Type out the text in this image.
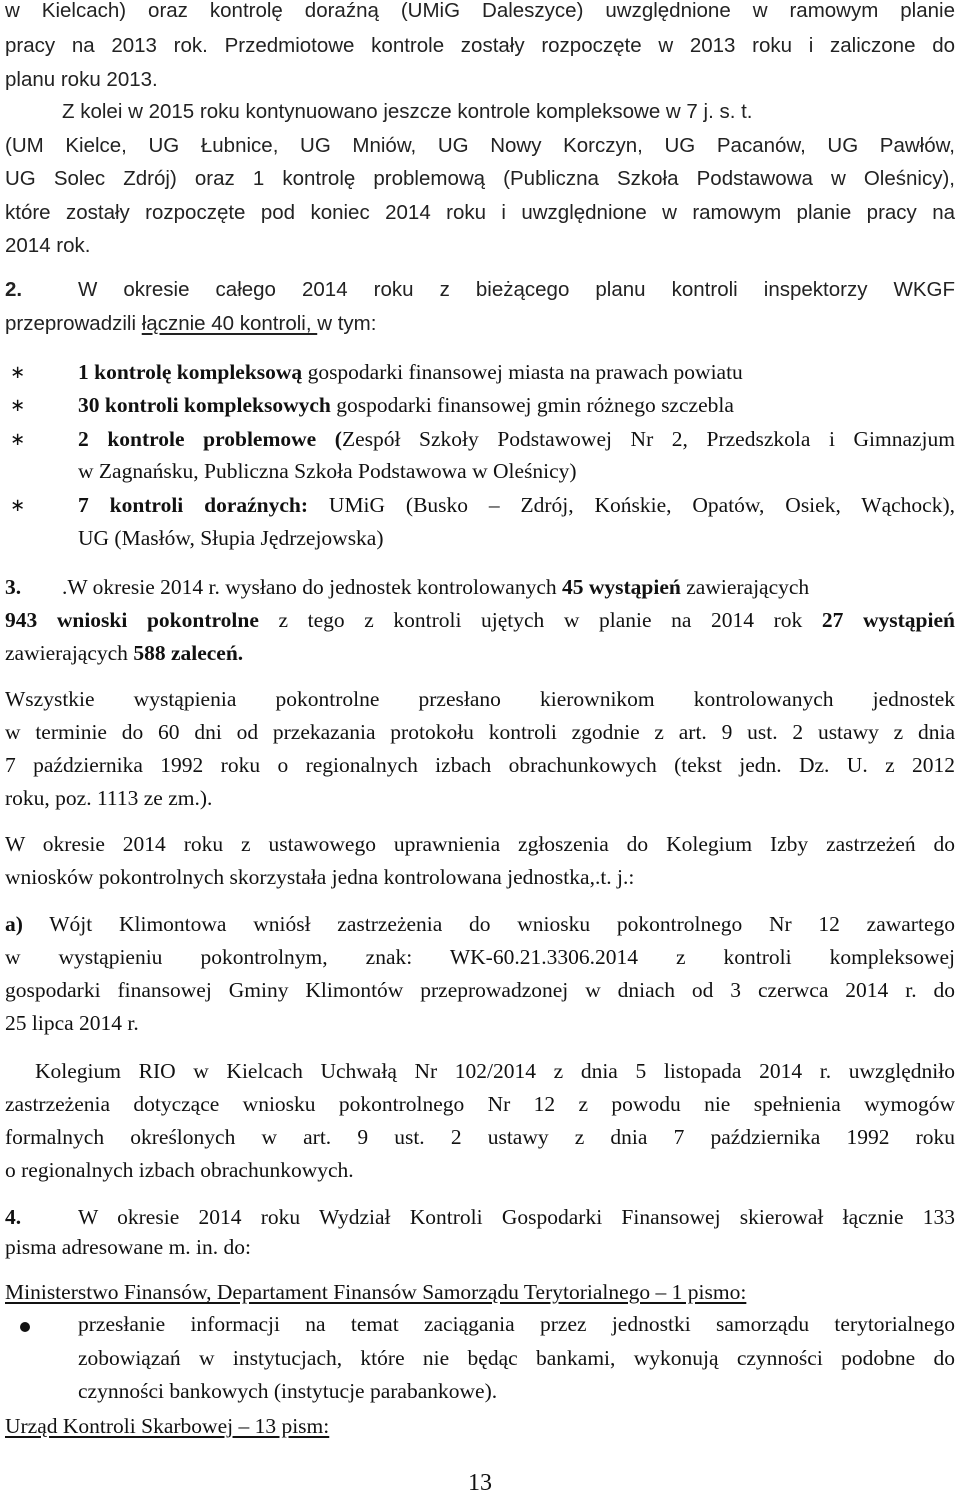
w Kielcach) oraz kontrolę doraźną (UMiG Daleszyce) uwzględnione w ramowym planie

pracy na 2013 rok. Przedmiotowe kontrole zostały rozpoczęte w 2013 roku i zaliczone do

planu roku 2013.

Z kolei w 2015 roku kontynuowano jeszcze kontrole kompleksowe w 7 j. s. t.

(UM Kielce, UG Łubnice, UG Mniów, UG Nowy Korczyn, UG Pacanów, UG Pawłów,

UG Solec Zdrój) oraz 1 kontrolę problemową (Publiczna Szkoła Podstawowa w Oleśnicy),

które zostały rozpoczęte pod koniec 2014 roku i uwzględnione w ramowym planie pracy na

2014 rok.

2.	W okresie całego 2014 roku z bieżącego planu kontroli inspektorzy WKGF

przeprowadzili łącznie 40 kontroli, w tym:

∗ 1 kontrolę kompleksową gospodarki finansowej miasta na prawach powiatu

∗ 30 kontroli kompleksowych gospodarki finansowej gmin różnego szczebla

∗ 2 kontrole problemowe (Zespół Szkoły Podstawowej Nr 2, Przedszkola i Gimnazjum

w Zagnańsku, Publiczna Szkoła Podstawowa w Oleśnicy)

∗ 7 kontroli doraźnych: UMiG (Busko – Zdrój, Końskie, Opatów, Osiek, Wąchock),

UG (Masłów, Słupia Jędrzejowska)

3.	.W okresie 2014 r. wysłano do jednostek kontrolowanych 45 wystąpień zawierających

943 wnioski pokontrolne z tego z kontroli ujętych w planie na 2014 rok 27 wystąpień

zawierających 588 zaleceń.

Wszystkie wystąpienia pokontrolne przesłano kierownikom kontrolowanych jednostek

w terminie do 60 dni od przekazania protokołu kontroli zgodnie z art. 9 ust. 2 ustawy z dnia

7 października 1992 roku o regionalnych izbach obrachunkowych (tekst jedn. Dz. U. z 2012

roku, poz. 1113 ze zm.).

W okresie 2014 roku z ustawowego uprawnienia zgłoszenia do Kolegium Izby zastrzeżeń do

wniosków pokontrolnych skorzystała jedna kontrolowana jednostka,.t. j.:

a) Wójt Klimontowa wniósł zastrzeżenia do wniosku pokontrolnego Nr 12 zawartego

w wystąpieniu pokontrolnym, znak: WK-60.21.3306.2014 z kontroli kompleksowej

gospodarki finansowej Gminy Klimontów przeprowadzonej w dniach od 3 czerwca 2014 r. do

25 lipca 2014 r.

Kolegium RIO w Kielcach Uchwałą Nr 102/2014 z dnia 5 listopada 2014 r. uwzględniło

zastrzeżenia dotyczące wniosku pokontrolnego Nr 12 z powodu nie spełnienia wymogów

formalnych określonych w art. 9 ust. 2 ustawy z dnia 7 października 1992 roku

o regionalnych izbach obrachunkowych.

4.	W okresie 2014 roku Wydział Kontroli Gospodarki Finansowej skierował łącznie 133

pisma adresowane m. in. do:

Ministerstwo Finansów, Departament Finansów Samorządu Terytorialnego – 1 pismo:

przesłanie informacji na temat zaciągania przez jednostki samorządu terytorialnego

zobowiązań w instytucjach, które nie będąc bankami, wykonują czynności podobne do

czynności bankowych (instytucje parabankowe).

Urząd Kontroli Skarbowej – 13 pism:

13
